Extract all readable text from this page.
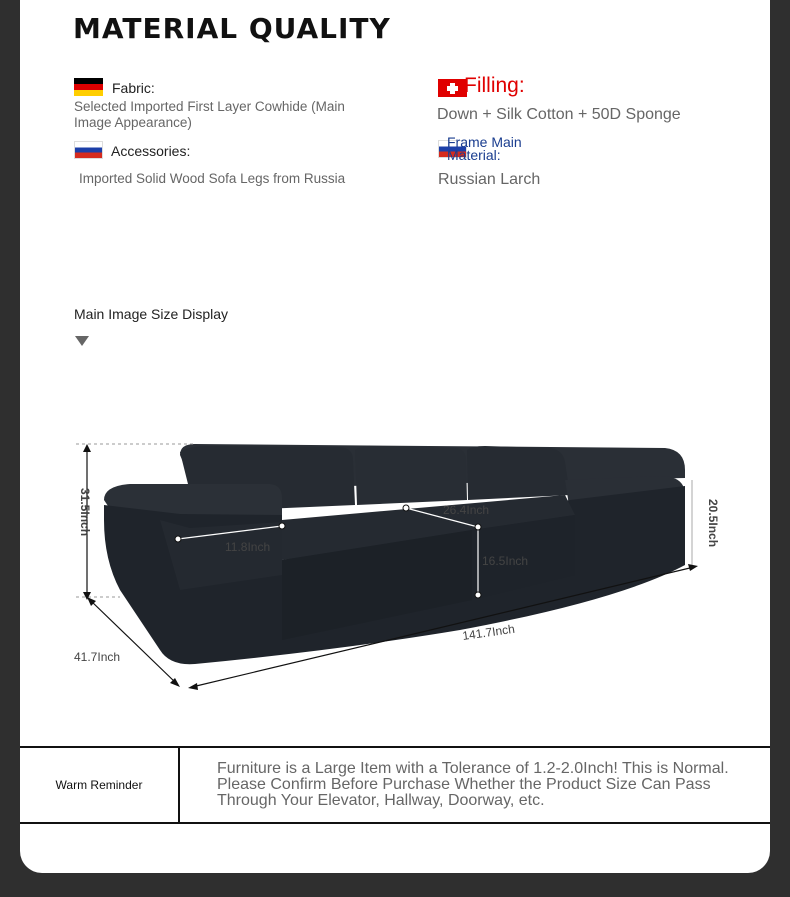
MATERIAL QUALITY
Fabric:
Selected Imported First Layer Cowhide (Main Image Appearance)
Accessories:
Imported Solid Wood Sofa Legs from Russia
Filling:
Down + Silk Cotton + 50D Sponge
Frame Main Material:
Russian Larch
Main Image Size Display
31.5Inch
41.7Inch
141.7Inch
20.5Inch
11.8Inch
26.4Inch
16.5Inch
Warm Reminder
Furniture is a Large Item with a Tolerance of 1.2-2.0Inch! This is Normal. Please Confirm Before Purchase Whether the Product Size Can Pass Through Your Elevator, Hallway, Doorway, etc.
